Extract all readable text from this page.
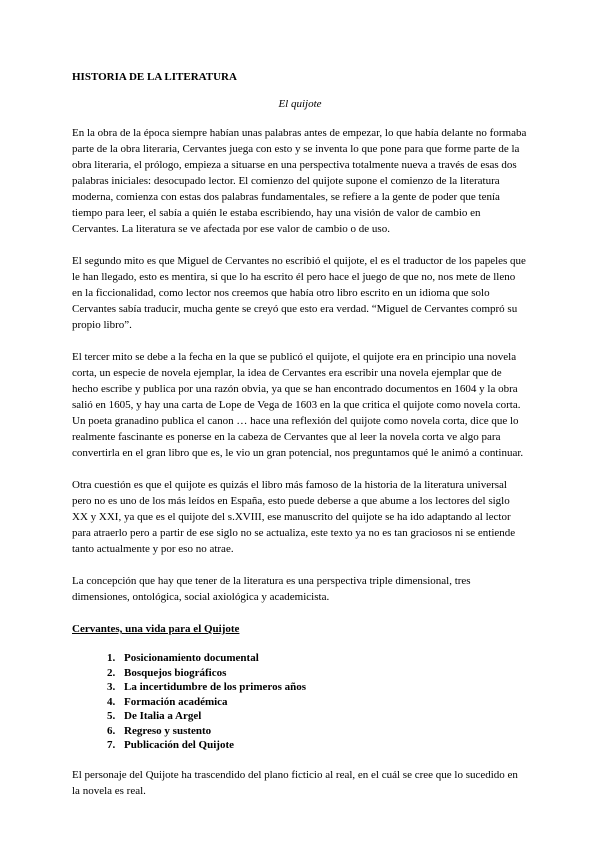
HISTORIA DE LA LITERATURA
El quijote

En la obra de la época siempre habían unas palabras antes de empezar, lo que había delante no formaba parte de la obra literaria, Cervantes juega con esto y se inventa lo que pone para que forme parte de la obra literaria, el prólogo, empieza a situarse en una perspectiva totalmente nueva a través de esas dos palabras iniciales: desocupado lector. El comienzo del quijote supone el comienzo de la literatura moderna, comienza con estas dos palabras fundamentales, se refiere a la gente de poder que tenía tiempo para leer, el sabía a quién le estaba escribiendo, hay una visión de valor de cambio en Cervantes. La literatura se ve afectada por ese valor de cambio o de uso.

El segundo mito es que Miguel de Cervantes no escribió el quijote, el es el traductor de los papeles que le han llegado, esto es mentira, si que lo ha escrito él pero hace el juego de que no, nos mete de lleno en la ficcionalidad, como lector nos creemos que había otro libro escrito en un idioma que solo Cervantes sabía traducir, mucha gente se creyó que esto era verdad. “Miguel de Cervantes compró su propio libro”.

El tercer mito se debe a la fecha en la que se publicó el quijote, el quijote era en principio una novela corta, un especie de novela ejemplar, la idea de Cervantes era escribir una novela ejemplar que de hecho escribe y publica por una razón obvia, ya que se han encontrado documentos en 1604 y la obra salió en 1605, y hay una carta de Lope de Vega de 1603 en la que critica el quijote como novela corta. Un poeta granadino publica el canon … hace una reflexión del quijote como novela corta, dice que lo realmente fascinante es ponerse en la cabeza de Cervantes que al leer la novela corta ve algo para convertirla en el gran libro que es, le vio un gran potencial, nos preguntamos qué le animó a continuar.

Otra cuestión es que el quijote es quizás el libro más famoso de la historia de la literatura universal pero no es uno de los más leídos en España, esto puede deberse a que abume a los lectores del siglo XX y XXI, ya que es el quijote del s.XVIII, ese manuscrito del quijote se ha ido adaptando al lector para atraerlo pero a partir de ese siglo no se actualiza, este texto ya no es tan graciosos ni se entiende tanto actualmente y por eso no atrae.

La concepción que hay que tener de la literatura es una perspectiva triple dimensional, tres dimensiones, ontológica, social axiológica y academicista.

Cervantes, una vida para el Quijote
1. Posicionamiento documental
2. Bosquejos biográficos
3. La incertidumbre de los primeros años
4. Formación académica
5. De Italia a Argel
6. Regreso y sustento
7. Publicación del Quijote

El personaje del Quijote ha trascendido del plano ficticio al real, en el cuál se cree que lo sucedido en la novela es real.
